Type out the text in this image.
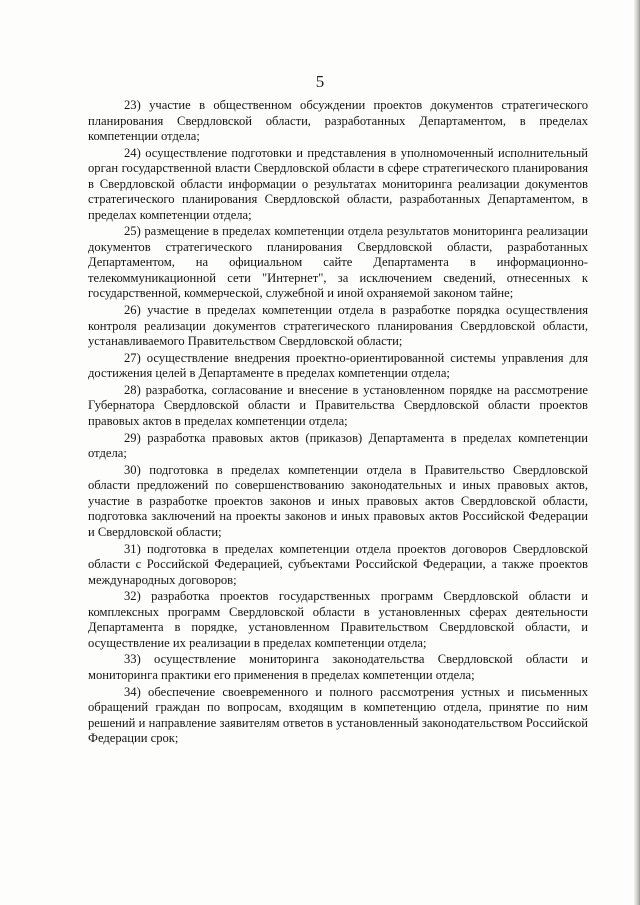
5

23) участие в общественном обсуждении проектов документов стратегического планирования Свердловской области, разработанных Департаментом, в пределах компетенции отдела;

24) осуществление подготовки и представления в уполномоченный исполнительный орган государственной власти Свердловской области в сфере стратегического планирования в Свердловской области информации о результатах мониторинга реализации документов стратегического планирования Свердловской области, разработанных Департаментом, в пределах компетенции отдела;

25) размещение в пределах компетенции отдела результатов мониторинга реализации документов стратегического планирования Свердловской области, разработанных Департаментом, на официальном сайте Департамента в информационно-телекоммуникационной сети "Интернет", за исключением сведений, отнесенных к государственной, коммерческой, служебной и иной охраняемой законом тайне;

26) участие в пределах компетенции отдела в разработке порядка осуществления контроля реализации документов стратегического планирования Свердловской области, устанавливаемого Правительством Свердловской области;

27) осуществление внедрения проектно-ориентированной системы управления для достижения целей в Департаменте в пределах компетенции отдела;

28) разработка, согласование и внесение в установленном порядке на рассмотрение Губернатора Свердловской области и Правительства Свердловской области проектов правовых актов в пределах компетенции отдела;

29) разработка правовых актов (приказов) Департамента в пределах компетенции отдела;

30) подготовка в пределах компетенции отдела в Правительство Свердловской области предложений по совершенствованию законодательных и иных правовых актов, участие в разработке проектов законов и иных правовых актов Свердловской области, подготовка заключений на проекты законов и иных правовых актов Российской Федерации и Свердловской области;

31) подготовка в пределах компетенции отдела проектов договоров Свердловской области с Российской Федерацией, субъектами Российской Федерации, а также проектов международных договоров;

32) разработка проектов государственных программ Свердловской области и комплексных программ Свердловской области в установленных сферах деятельности Департамента в порядке, установленном Правительством Свердловской области, и осуществление их реализации в пределах компетенции отдела;

33) осуществление мониторинга законодательства Свердловской области и мониторинга практики его применения в пределах компетенции отдела;

34) обеспечение своевременного и полного рассмотрения устных и письменных обращений граждан по вопросам, входящим в компетенцию отдела, принятие по ним решений и направление заявителям ответов в установленный законодательством Российской Федерации срок;
